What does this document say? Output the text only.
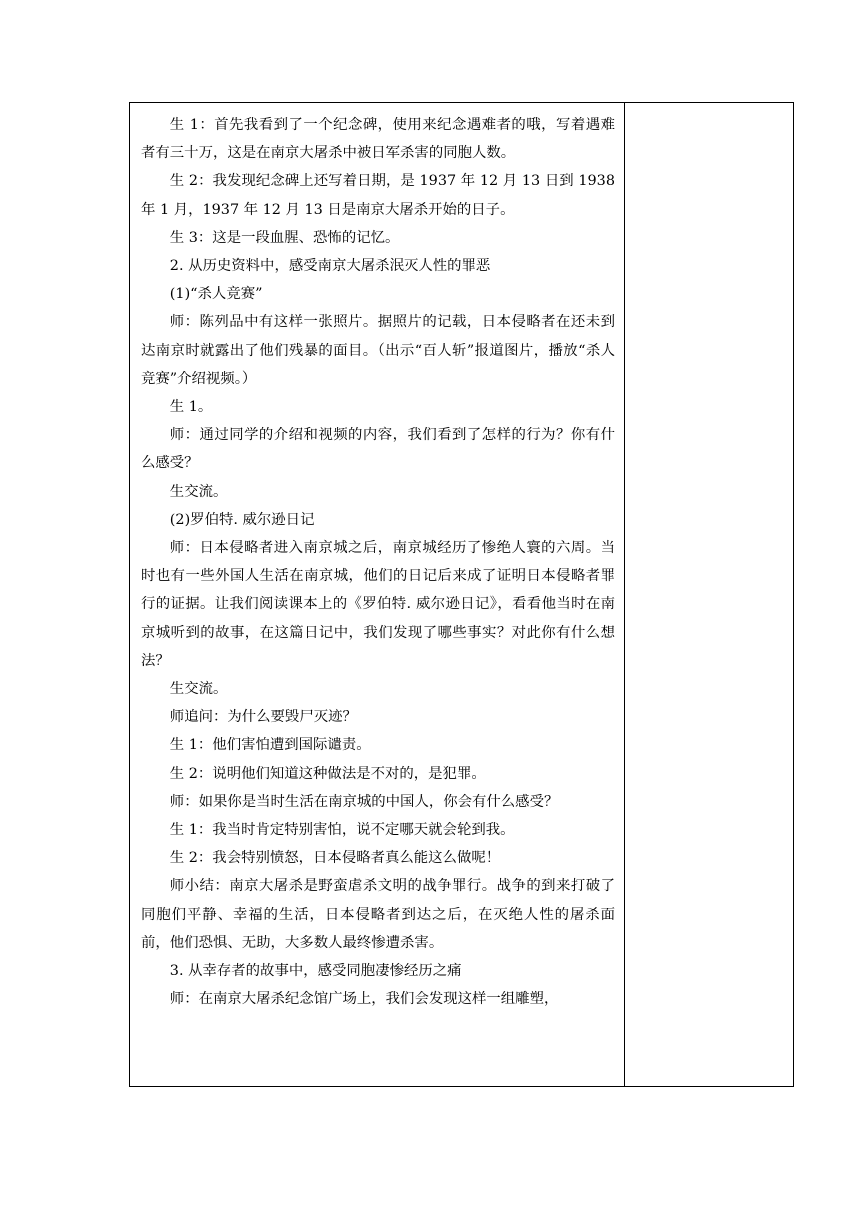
生 1：首先我看到了一个纪念碑，使用来纪念遇难者的哦，写着遇难者有三十万，这是在南京大屠杀中被日军杀害的同胞人数。

生 2：我发现纪念碑上还写着日期，是 1937 年 12 月 13 日到 1938 年 1 月，1937 年 12 月 13 日是南京大屠杀开始的日子。

生 3：这是一段血腥、恐怖的记忆。

2. 从历史资料中，感受南京大屠杀泯灭人性的罪恶

(1)“杀人竞赛”

师：陈列品中有这样一张照片。据照片的记载，日本侵略者在还未到达南京时就露出了他们残暴的面目。（出示“百人斩”报道图片，播放“杀人竞赛”介绍视频。）

生 1。

师：通过同学的介绍和视频的内容，我们看到了怎样的行为？你有什么感受？

生交流。

(2)罗伯特. 威尔逊日记

师：日本侵略者进入南京城之后，南京城经历了惨绝人寰的六周。当时也有一些外国人生活在南京城，他们的日记后来成了证明日本侵略者罪行的证据。让我们阅读课本上的《罗伯特. 威尔逊日记》，看看他当时在南京城听到的故事，在这篇日记中，我们发现了哪些事实？对此你有什么想法？

生交流。

师追问：为什么要毁尸灭迹？

生 1：他们害怕遭到国际谴责。

生 2：说明他们知道这种做法是不对的，是犯罪。

师：如果你是当时生活在南京城的中国人，你会有什么感受？

生 1：我当时肯定特别害怕，说不定哪天就会轮到我。

生 2：我会特别愤怒，日本侵略者真么能这么做呢！

师小结：南京大屠杀是野蛮虐杀文明的战争罪行。战争的到来打破了同胞们平静、幸福的生活，日本侵略者到达之后，在灭绝人性的屠杀面前，他们恐惧、无助，大多数人最终惨遭杀害。

3. 从幸存者的故事中，感受同胞凄惨经历之痛

师：在南京大屠杀纪念馆广场上，我们会发现这样一组雕塑，
